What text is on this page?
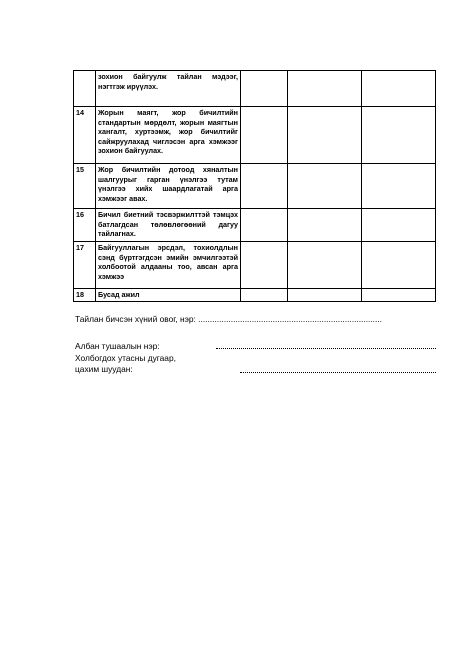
	зохион байгуулж тайлан мэдээг, нэгтгэж ирүүлэх.			
14	Жорын маягт, жор бичилтийн стандартын мөрдөлт, жорын маягтын хангалт, хуртээмж, жор бичилтийг сайжруулахад чиглэсэн арга хэмжээг зохион байгуулах.			
15	Жор бичилтийн дотоод хяналтын шалгуурыг гарган үнэлгээ тутам үнэлгээ хийх шаардлагатай арга хэмжээг авах.			
16	Бичил биетний тэсвэржилттэй тэмцэх батлагдсан төлөвлөгөөний дагуу тайлагнах.			
17	Байгууллагын эрсдэл, тохиолдлын сэнд бүртгэгдсэн эмийн эмчилгээтэй холбоотой алдааны тоо, авсан арга хэмжээ			
18	Бусад ажил			
Тайлан бичсэн хүний овог, нэр: ...............................................................................
Албан тушаалын нэр:
Холбогдох утасны дугаар,
цахим шуудан:
